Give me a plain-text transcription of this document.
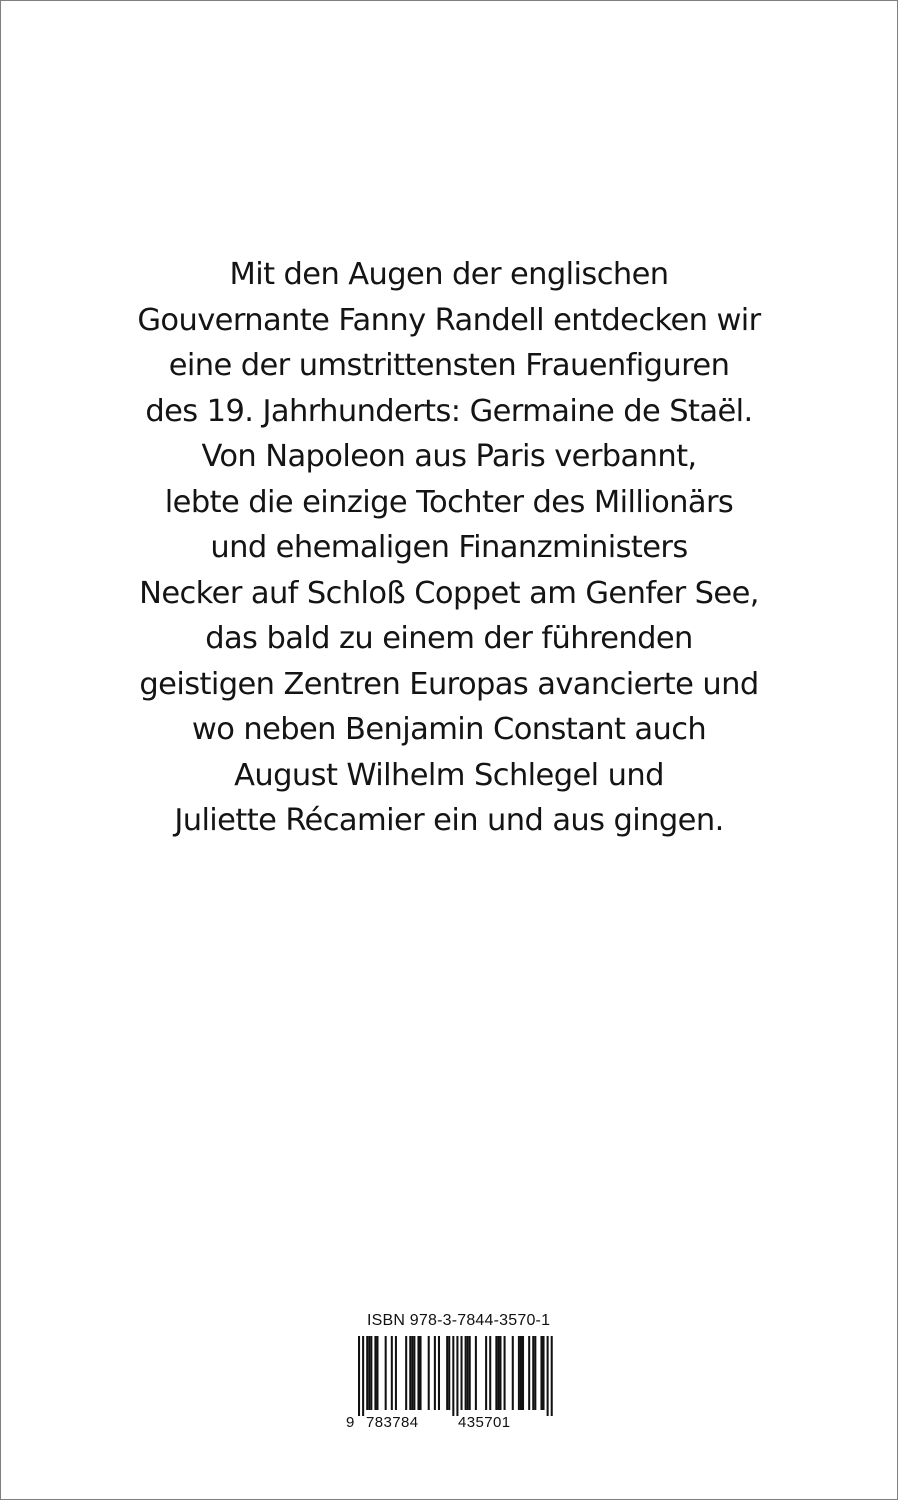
Mit den Augen der englischen
Gouvernante Fanny Randell entdecken wir
eine der umstrittensten Frauenfiguren
des 19. Jahrhunderts: Germaine de Staël.
Von Napoleon aus Paris verbannt,
lebte die einzige Tochter des Millionärs
und ehemaligen Finanzministers
Necker auf Schloß Coppet am Genfer See,
das bald zu einem der führenden
geistigen Zentren Europas avancierte und
wo neben Benjamin Constant auch
August Wilhelm Schlegel und
Juliette Récamier ein und aus gingen.
ISBN 978-3-7844-3570-1
9 783784	435701
